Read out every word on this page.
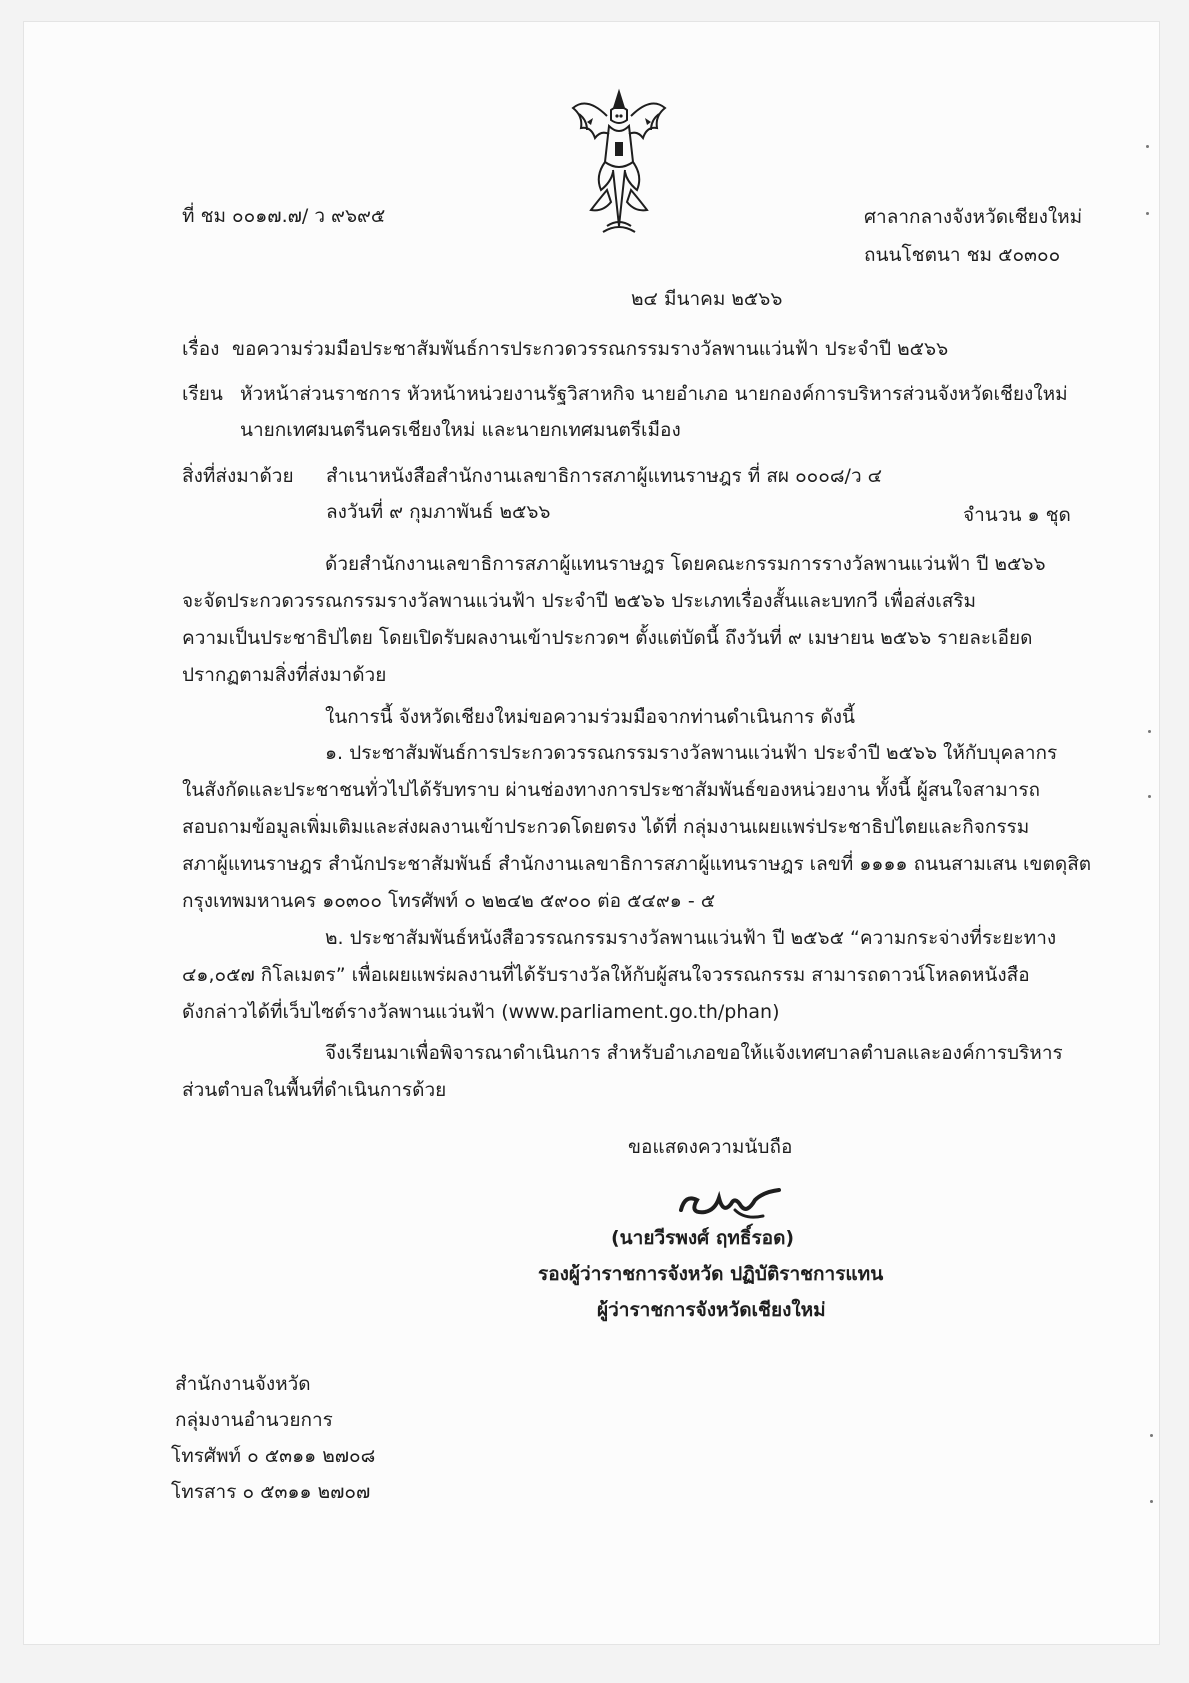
ที่ ชม ๐๐๑๗.๗/ ว ๙๖๙๕	ศาลากลางจังหวัดเชียงใหม่
ถนนโชตนา ชม ๕๐๓๐๐
๒๔ มีนาคม ๒๕๖๖
เรื่อง ขอความร่วมมือประชาสัมพันธ์การประกวดวรรณกรรมรางวัลพานแว่นฟ้า ประจำปี ๒๕๖๖
เรียน หัวหน้าส่วนราชการ หัวหน้าหน่วยงานรัฐวิสาหกิจ นายอำเภอ นายกองค์การบริหารส่วนจังหวัดเชียงใหม่
นายกเทศมนตรีนครเชียงใหม่ และนายกเทศมนตรีเมือง
สิ่งที่ส่งมาด้วย สำเนาหนังสือสำนักงานเลขาธิการสภาผู้แทนราษฎร ที่ สผ ๐๐๐๘/ว ๔
ลงวันที่ ๙ กุมภาพันธ์ ๒๕๖๖	จำนวน ๑ ชุด
ด้วยสำนักงานเลขาธิการสภาผู้แทนราษฎร โดยคณะกรรมการรางวัลพานแว่นฟ้า ปี ๒๕๖๖
จะจัดประกวดวรรณกรรมรางวัลพานแว่นฟ้า ประจำปี ๒๕๖๖ ประเภทเรื่องสั้นและบทกวี เพื่อส่งเสริม
ความเป็นประชาธิปไตย โดยเปิดรับผลงานเข้าประกวดฯ ตั้งแต่บัดนี้ ถึงวันที่ ๙ เมษายน ๒๕๖๖ รายละเอียด
ปรากฏตามสิ่งที่ส่งมาด้วย
ในการนี้ จังหวัดเชียงใหม่ขอความร่วมมือจากท่านดำเนินการ ดังนี้
๑. ประชาสัมพันธ์การประกวดวรรณกรรมรางวัลพานแว่นฟ้า ประจำปี ๒๕๖๖ ให้กับบุคลากร
ในสังกัดและประชาชนทั่วไปได้รับทราบ ผ่านช่องทางการประชาสัมพันธ์ของหน่วยงาน ทั้งนี้ ผู้สนใจสามารถ
สอบถามข้อมูลเพิ่มเติมและส่งผลงานเข้าประกวดโดยตรง ได้ที่ กลุ่มงานเผยแพร่ประชาธิปไตยและกิจกรรม
สภาผู้แทนราษฎร สำนักประชาสัมพันธ์ สำนักงานเลขาธิการสภาผู้แทนราษฎร เลขที่ ๑๑๑๑ ถนนสามเสน เขตดุสิต
กรุงเทพมหานคร ๑๐๓๐๐ โทรศัพท์ ๐ ๒๒๔๒ ๕๙๐๐ ต่อ ๕๔๙๑ - ๕
๒. ประชาสัมพันธ์หนังสือวรรณกรรมรางวัลพานแว่นฟ้า ปี ๒๕๖๕ “ความกระจ่างที่ระยะทาง
๔๑,๐๕๗ กิโลเมตร” เพื่อเผยแพร่ผลงานที่ได้รับรางวัลให้กับผู้สนใจวรรณกรรม สามารถดาวน์โหลดหนังสือ
ดังกล่าวได้ที่เว็บไซต์รางวัลพานแว่นฟ้า (www.parliament.go.th/phan)
จึงเรียนมาเพื่อพิจารณาดำเนินการ สำหรับอำเภอขอให้แจ้งเทศบาลตำบลและองค์การบริหาร
ส่วนตำบลในพื้นที่ดำเนินการด้วย
ขอแสดงความนับถือ
(นายวีรพงศ์ ฤทธิ์รอด)
รองผู้ว่าราชการจังหวัด ปฏิบัติราชการแทน
ผู้ว่าราชการจังหวัดเชียงใหม่
สำนักงานจังหวัด
กลุ่มงานอำนวยการ
โทรศัพท์ ๐ ๕๓๑๑ ๒๗๐๘
โทรสาร ๐ ๕๓๑๑ ๒๗๐๗
